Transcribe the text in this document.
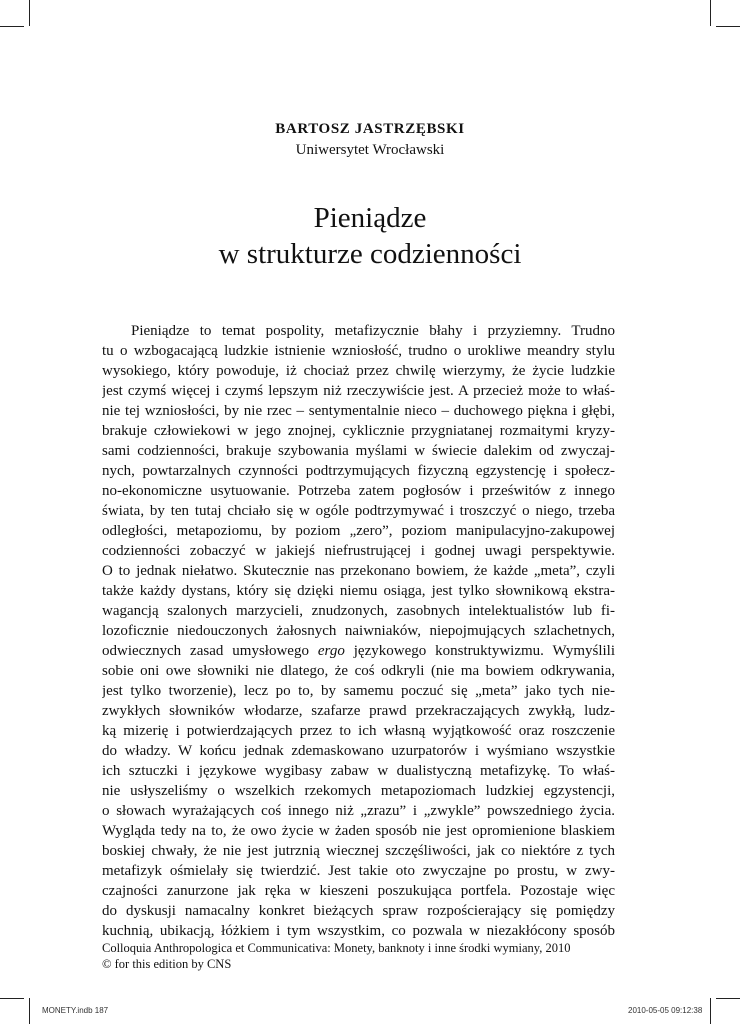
BARTOSZ JASTRZĘBSKI
Uniwersytet Wrocławski
Pieniądze
w strukturze codzienności
Pieniądze to temat pospolity, metafizycznie błahy i przyziemny. Trudno
tu o wzbogacającą ludzkie istnienie wzniosłość, trudno o urokliwe meandry stylu
wysokiego, który powoduje, iż chociaż przez chwilę wierzymy, że życie ludzkie
jest czymś więcej i czymś lepszym niż rzeczywiście jest. A przecież może to właś-
nie tej wzniosłości, by nie rzec – sentymentalnie nieco – duchowego piękna i głębi,
brakuje człowiekowi w jego znojnej, cyklicznie przygniatanej rozmaitymi kryzy-
sami codzienności, brakuje szybowania myślami w świecie dalekim od zwyczaj-
nych, powtarzalnych czynności podtrzymujących fizyczną egzystencję i społecz-
no-ekonomiczne usytuowanie. Potrzeba zatem pogłosów i prześwitów z innego
świata, by ten tutaj chciało się w ogóle podtrzymywać i troszczyć o niego, trzeba
odległości, metapoziomu, by poziom „zero”, poziom manipulacyjno-zakupowej
codzienności zobaczyć w jakiejś niefrustrującej i godnej uwagi perspektywie.
O to jednak niełatwo. Skutecznie nas przekonano bowiem, że każde „meta”, czyli
także każdy dystans, który się dzięki niemu osiąga, jest tylko słownikową ekstra-
wagancją szalonych marzycieli, znudzonych, zasobnych intelektualistów lub fi-
lozoficznie niedouczonych żałosnych naiwniaków, niepojmujących szlachetnych,
odwiecznych zasad umysłowego ergo językowego konstruktywizmu. Wymyślili
sobie oni owe słowniki nie dlatego, że coś odkryli (nie ma bowiem odkrywania,
jest tylko tworzenie), lecz po to, by samemu poczuć się „meta” jako tych nie-
zwykłych słowników włodarze, szafarze prawd przekraczających zwykłą, ludz-
ką mizerię i potwierdzających przez to ich własną wyjątkowość oraz roszczenie
do władzy. W końcu jednak zdemaskowano uzurpatorów i wyśmiano wszystkie
ich sztuczki i językowe wygibasy zabaw w dualistyczną metafizykę. To właś-
nie usłyszeliśmy o wszelkich rzekomych metapoziomach ludzkiej egzystencji,
o słowach wyrażających coś innego niż „zrazu” i „zwykle” powszedniego życia.
Wygląda tedy na to, że owo życie w żaden sposób nie jest opromienione blaskiem
boskiej chwały, że nie jest jutrznią wiecznej szczęśliwości, jak co niektóre z tych
metafizyk ośmielały się twierdzić. Jest takie oto zwyczajne po prostu, w zwy-
czajności zanurzone jak ręka w kieszeni poszukująca portfela. Pozostaje więc
do dyskusji namacalny konkret bieżących spraw rozpościerający się pomiędzy
kuchnią, ubikacją, łóżkiem i tym wszystkim, co pozwala w niezakłócony sposób
Colloquia Anthropologica et Communicativa: Monety, banknoty i inne środki wymiany, 2010
© for this edition by CNS
MONETY.indb 187	2010-05-05 09:12:38
